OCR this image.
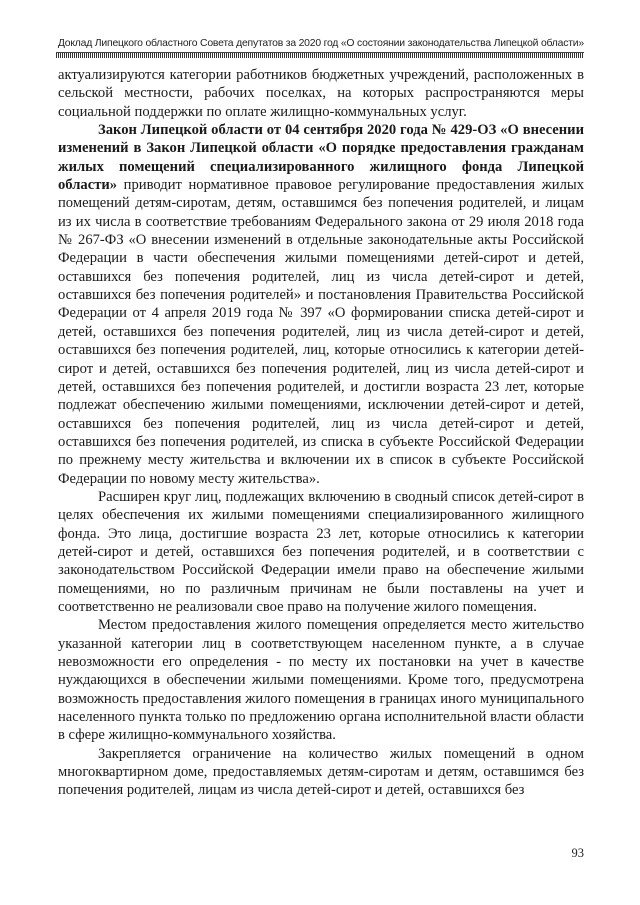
Доклад Липецкого областного Совета депутатов за 2020 год «О состоянии законодательства Липецкой области»

актуализируются категории работников бюджетных учреждений, расположенных в сельской местности, рабочих поселках, на которых распространяются меры социальной поддержки по оплате жилищно-коммунальных услуг.

Закон Липецкой области от 04 сентября 2020 года № 429-ОЗ «О внесении изменений в Закон Липецкой области «О порядке предоставления гражданам жилых помещений специализированного жилищного фонда Липецкой области» приводит нормативное правовое регулирование предоставления жилых помещений детям-сиротам, детям, оставшимся без попечения родителей, и лицам из их числа в соответствие требованиям Федерального закона от 29 июля 2018 года № 267-ФЗ «О внесении изменений в отдельные законодательные акты Российской Федерации в части обеспечения жилыми помещениями детей-сирот и детей, оставшихся без попечения родителей, лиц из числа детей-сирот и детей, оставшихся без попечения родителей» и постановления Правительства Российской Федерации от 4 апреля 2019 года № 397 «О формировании списка детей-сирот и детей, оставшихся без попечения родителей, лиц из числа детей-сирот и детей, оставшихся без попечения родителей, лиц, которые относились к категории детей-сирот и детей, оставшихся без попечения родителей, лиц из числа детей-сирот и детей, оставшихся без попечения родителей, и достигли возраста 23 лет, которые подлежат обеспечению жилыми помещениями, исключении детей-сирот и детей, оставшихся без попечения родителей, лиц из числа детей-сирот и детей, оставшихся без попечения родителей, из списка в субъекте Российской Федерации по прежнему месту жительства и включении их в список в субъекте Российской Федерации по новому месту жительства».

Расширен круг лиц, подлежащих включению в сводный список детей-сирот в целях обеспечения их жилыми помещениями специализированного жилищного фонда. Это лица, достигшие возраста 23 лет, которые относились к категории детей-сирот и детей, оставшихся без попечения родителей, и в соответствии с законодательством Российской Федерации имели право на обеспечение жилыми помещениями, но по различным причинам не были поставлены на учет и соответственно не реализовали свое право на получение жилого помещения.

Местом предоставления жилого помещения определяется место жительство указанной категории лиц в соответствующем населенном пункте, а в случае невозможности его определения - по месту их постановки на учет в качестве нуждающихся в обеспечении жилыми помещениями. Кроме того, предусмотрена возможность предоставления жилого помещения в границах иного муниципального населенного пункта только по предложению органа исполнительной власти области в сфере жилищно-коммунального хозяйства.

Закрепляется ограничение на количество жилых помещений в одном многоквартирном доме, предоставляемых детям-сиротам и детям, оставшимся без попечения родителей, лицам из числа детей-сирот и детей, оставшихся без

93
